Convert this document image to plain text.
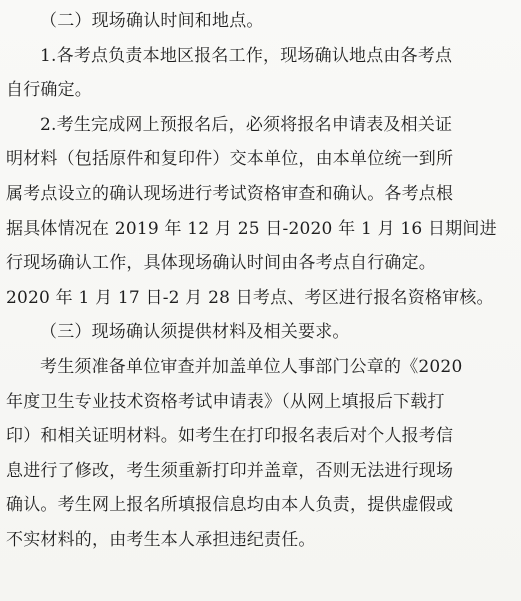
（二）现场确认时间和地点。
1.各考点负责本地区报名工作，现场确认地点由各考点
自行确定。
2.考生完成网上预报名后，必须将报名申请表及相关证
明材料（包括原件和复印件）交本单位，由本单位统一到所
属考点设立的确认现场进行考试资格审查和确认。各考点根
据具体情况在 2019 年 12 月 25 日-2020 年 1 月 16 日期间进
行现场确认工作，具体现场确认时间由各考点自行确定。
2020 年 1 月 17 日-2 月 28 日考点、考区进行报名资格审核。
（三）现场确认须提供材料及相关要求。
考生须准备单位审查并加盖单位人事部门公章的《2020
年度卫生专业技术资格考试申请表》（从网上填报后下载打
印）和相关证明材料。如考生在打印报名表后对个人报考信
息进行了修改，考生须重新打印并盖章，否则无法进行现场
确认。考生网上报名所填报信息均由本人负责，提供虚假或
不实材料的，由考生本人承担违纪责任。
